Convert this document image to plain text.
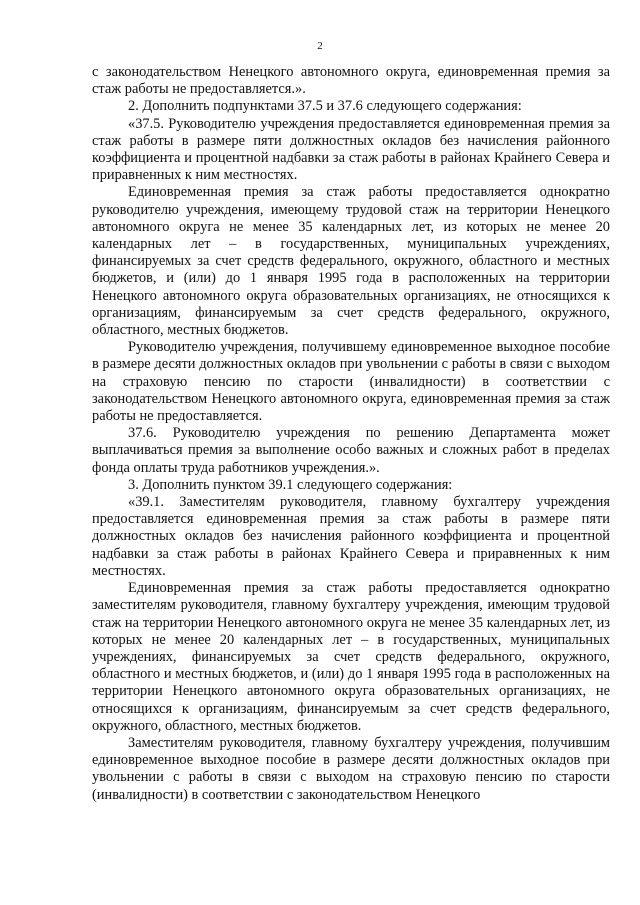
2

с законодательством Ненецкого автономного округа, единовременная премия за стаж работы не предоставляется.».

2. Дополнить подпунктами 37.5 и 37.6 следующего содержания:

«37.5. Руководителю учреждения предоставляется единовременная премия за стаж работы в размере пяти должностных окладов без начисления районного коэффициента и процентной надбавки за стаж работы в районах Крайнего Севера и приравненных к ним местностях.

Единовременная премия за стаж работы предоставляется однократно руководителю учреждения, имеющему трудовой стаж на территории Ненецкого автономного округа не менее 35 календарных лет, из которых не менее 20 календарных лет – в государственных, муниципальных учреждениях, финансируемых за счет средств федерального, окружного, областного и местных бюджетов, и (или) до 1 января 1995 года в расположенных на территории Ненецкого автономного округа образовательных организациях, не относящихся к организациям, финансируемым за счет средств федерального, окружного, областного, местных бюджетов.

Руководителю учреждения, получившему единовременное выходное пособие в размере десяти должностных окладов при увольнении с работы в связи с выходом на страховую пенсию по старости (инвалидности) в соответствии с законодательством Ненецкого автономного округа, единовременная премия за стаж работы не предоставляется.

37.6. Руководителю учреждения по решению Департамента может выплачиваться премия за выполнение особо важных и сложных работ в пределах фонда оплаты труда работников учреждения.».

3. Дополнить пунктом 39.1 следующего содержания:

«39.1. Заместителям руководителя, главному бухгалтеру учреждения предоставляется единовременная премия за стаж работы в размере пяти должностных окладов без начисления районного коэффициента и процентной надбавки за стаж работы в районах Крайнего Севера и приравненных к ним местностях.

Единовременная премия за стаж работы предоставляется однократно заместителям руководителя, главному бухгалтеру учреждения, имеющим трудовой стаж на территории Ненецкого автономного округа не менее 35 календарных лет, из которых не менее 20 календарных лет – в государственных, муниципальных учреждениях, финансируемых за счет средств федерального, окружного, областного и местных бюджетов, и (или) до 1 января 1995 года в расположенных на территории Ненецкого автономного округа образовательных организациях, не относящихся к организациям, финансируемым за счет средств федерального, окружного, областного, местных бюджетов.

Заместителям руководителя, главному бухгалтеру учреждения, получившим единовременное выходное пособие в размере десяти должностных окладов при увольнении с работы в связи с выходом на страховую пенсию по старости (инвалидности) в соответствии с законодательством Ненецкого
